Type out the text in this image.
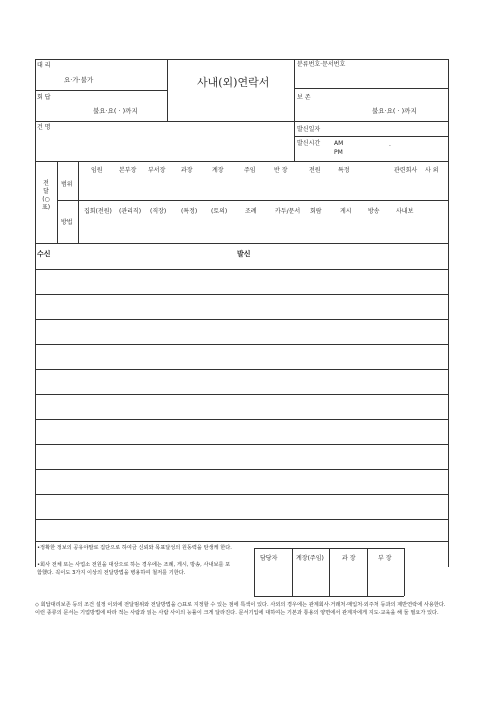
대 리
요·가·불가
회 답
불요·요( · )까지
사내(외)연락서
분류번호·문서번호
보 존
불요·요( · )까지
건 명	발신일자
발신시간 AM
PM
.
전달(○표)
범위
방법
임원	본부장 부서장	과장	계장	주임	반 장	전원	특정	관련회사 사 외
집회(전원) (관리직) (직장) (특정) (토의)	조례	카두/문서 회람	게시	방송	사내보
수신	발신
•정확한 정보의 공유야말로 집단으로 하여금 신뢰와 목표달성의 원동력을 탄생케 한다.
•회사 전체 또는 사업소 전원을 대상으로 하는 경우에는 조례, 게시, 방송, 사내보를 포함했다. 꼭이도 3가지 이상의 전달방법을 병용하여 철저를 기한다.
담당자	계장(주임)	과 장	부 장
◇ 회답대리보존 등의 조건 설정 이외에 전달범위와 전달방법을 ○표로 지정할 수 있는 점에 특색이 있다. 사외의 경우에는 관계회사·거래처·매입처·외주처 등과의 제반연락에 사용한다. 이런 종류의 문서는 기업방법에 따라 적는 사람과 읽는 사람 사이의 능률이 크게 달라진다. 문서기입에 대하여는 기본과 통용의 양면에서 관계자에게 지도·교육을 해 둘 필요가 있다.
